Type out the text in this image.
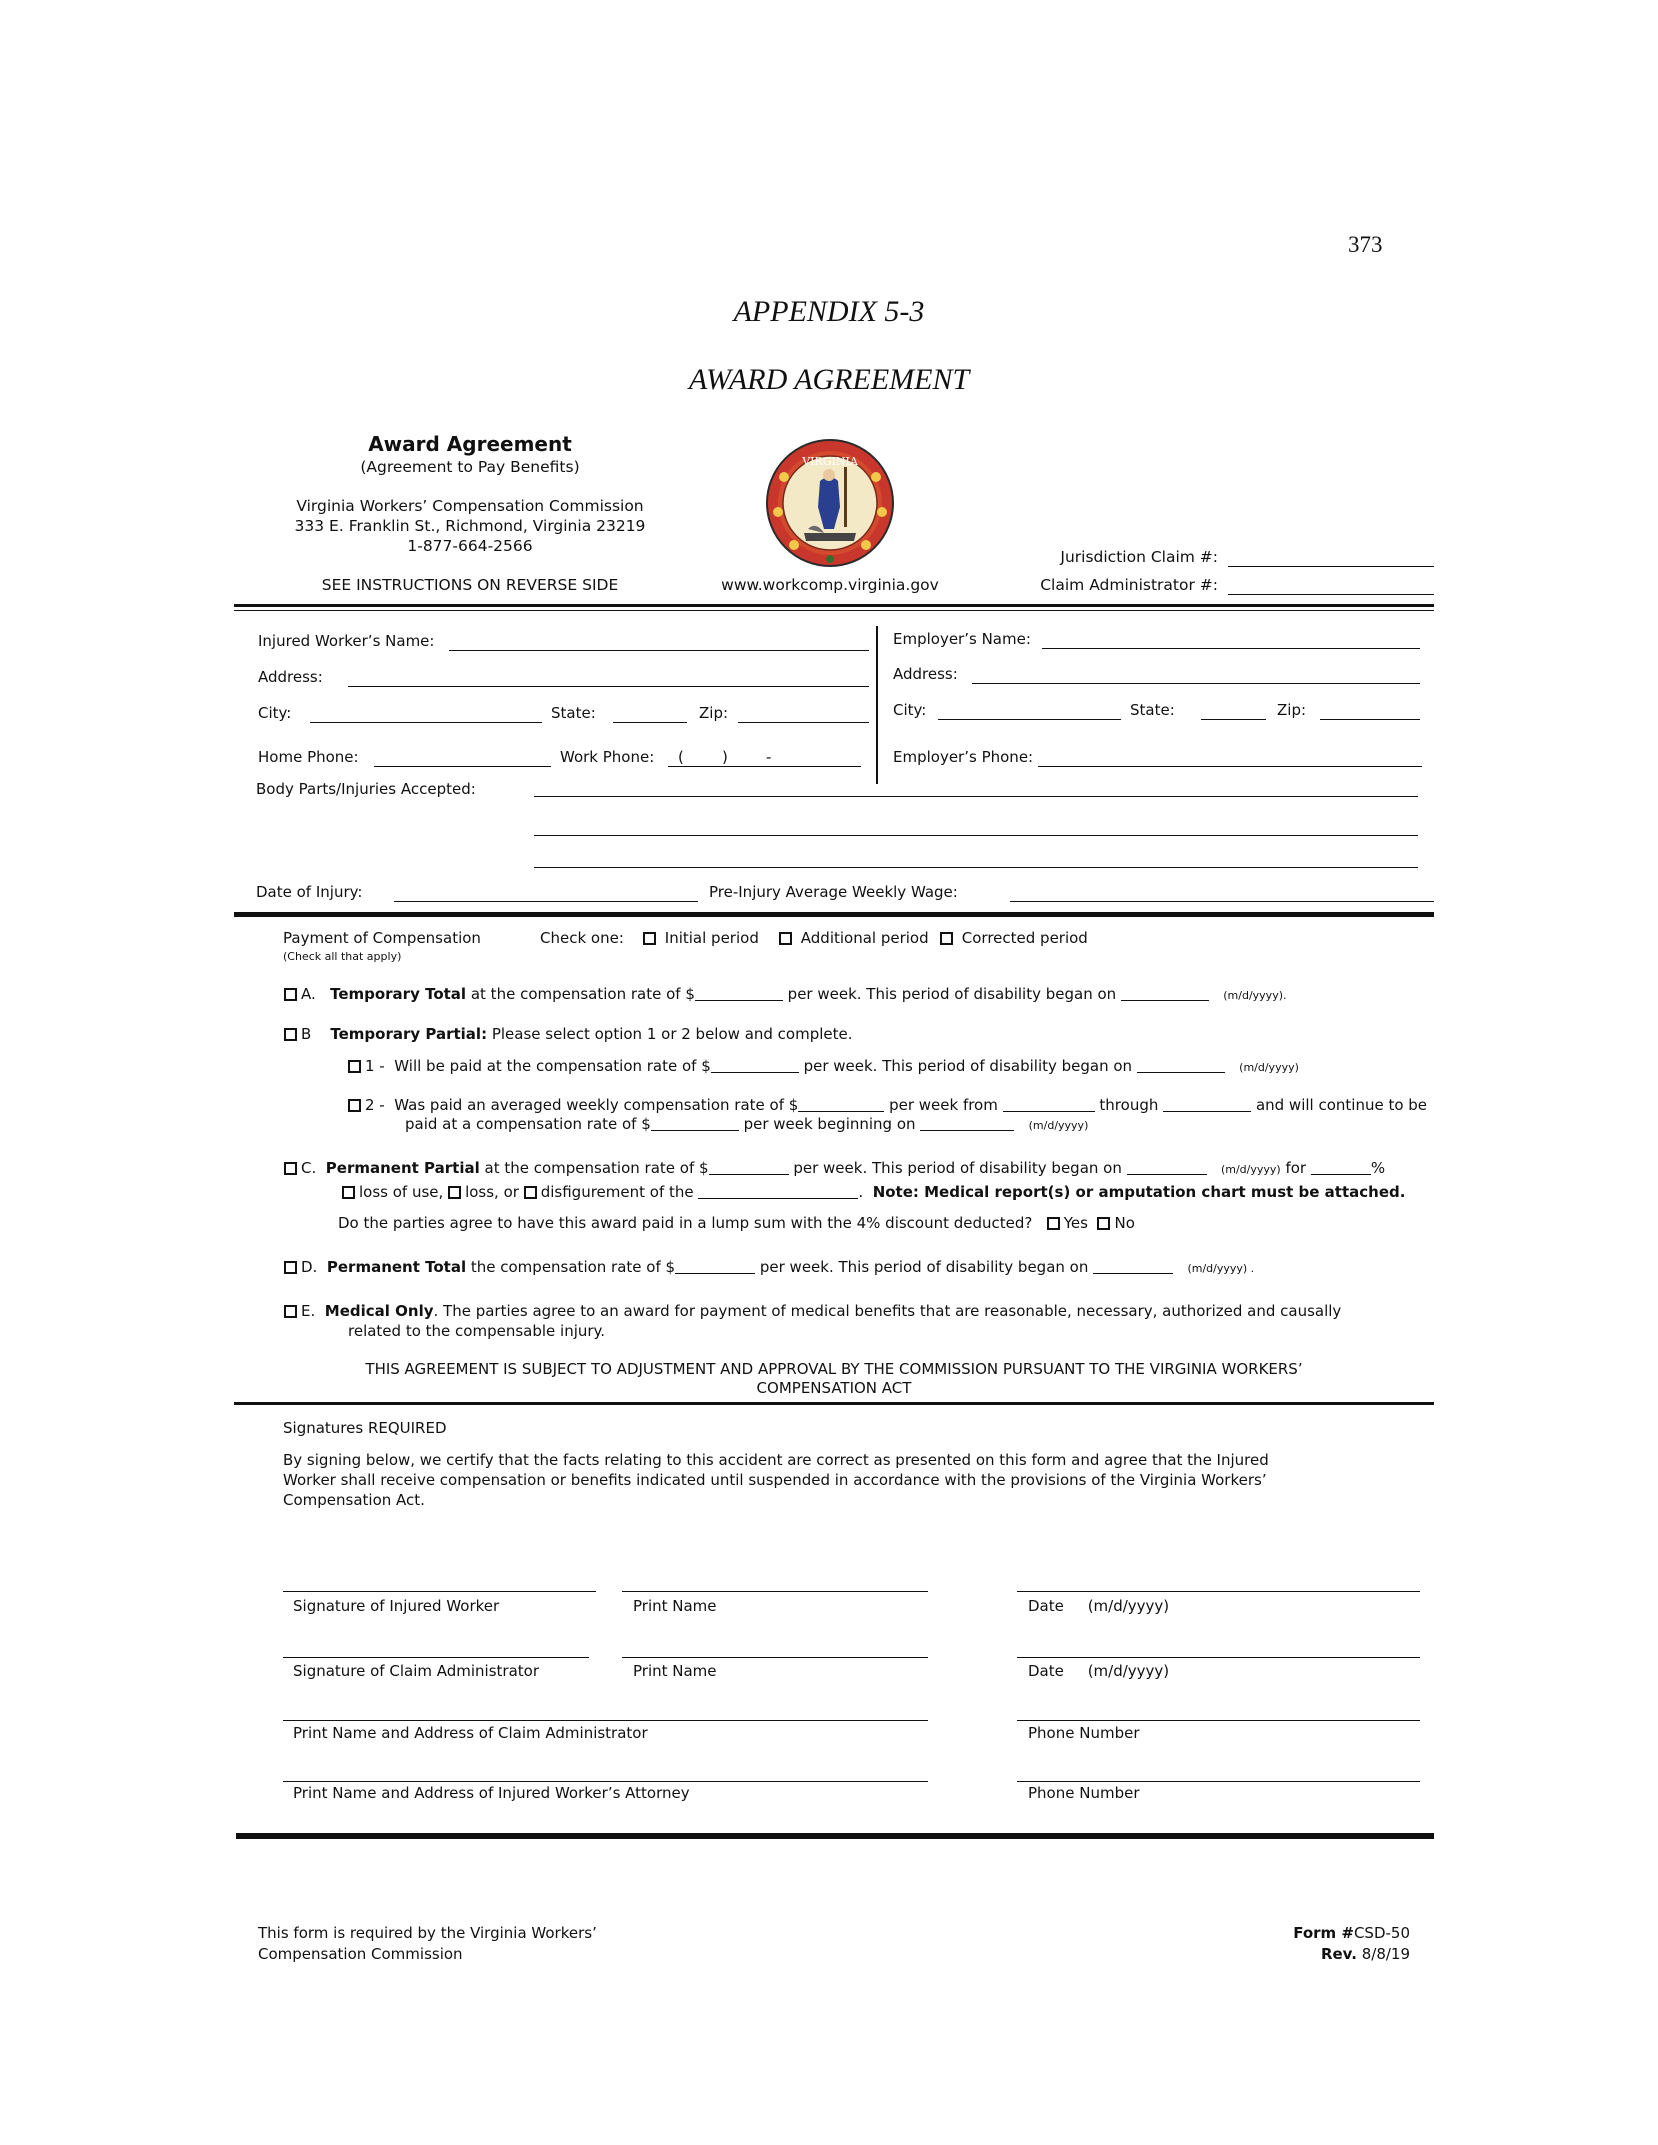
373
APPENDIX 5-3
AWARD AGREEMENT
Award Agreement
(Agreement to Pay Benefits)
Virginia Workers’ Compensation Commission
333 E. Franklin St., Richmond, Virginia 23219
1-877-664-2566
SEE INSTRUCTIONS ON REVERSE SIDE
VIRGINIA
www.workcomp.virginia.gov
Jurisdiction Claim #:
Claim Administrator #:
Injured Worker’s Name:
Address:
City:	State:	Zip:
Home Phone:	Work Phone: (        )        -
Employer’s Name:
Address:
City:	State:	Zip:
Employer’s Phone:
Body Parts/Injuries Accepted:
Date of Injury:	Pre-Injury Average Weekly Wage:
Payment of Compensation
(Check all that apply)
Check one:	Initial period	Additional period	Corrected period
A. Temporary Total at the compensation rate of $	per week. This period of disability began on	(m/d/yyyy).
B Temporary Partial: Please select option 1 or 2 below and complete.
1 - Will be paid at the compensation rate of $	per week. This period of disability began on	(m/d/yyyy)
2 - Was paid an averaged weekly compensation rate of $	per week from	through	and will continue to be
paid at a compensation rate of $	per week beginning on	(m/d/yyyy)
C. Permanent Partial at the compensation rate of $	per week. This period of disability began on	(m/d/yyyy) for	%
loss of use, loss, or disfigurement of the	.  Note: Medical report(s) or amputation chart must be attached.
Do the parties agree to have this award paid in a lump sum with the 4% discount deducted? Yes No
D. Permanent Total the compensation rate of $	per week. This period of disability began on	(m/d/yyyy) .
E. Medical Only. The parties agree to an award for payment of medical benefits that are reasonable, necessary, authorized and causally
related to the compensable injury.
THIS AGREEMENT IS SUBJECT TO ADJUSTMENT AND APPROVAL BY THE COMMISSION PURSUANT TO THE VIRGINIA WORKERS’
COMPENSATION ACT
Signatures REQUIRED
By signing below, we certify that the facts relating to this accident are correct as presented on this form and agree that the Injured
Worker shall receive compensation or benefits indicated until suspended in accordance with the provisions of the Virginia Workers’
Compensation Act.
Signature of Injured Worker	Print Name	Date     (m/d/yyyy)
Signature of Claim Administrator	Print Name	Date     (m/d/yyyy)
Print Name and Address of Claim Administrator	Phone Number
Print Name and Address of Injured Worker’s Attorney	Phone Number
This form is required by the Virginia Workers’
Compensation Commission
Form #CSD-50
Rev. 8/8/19
